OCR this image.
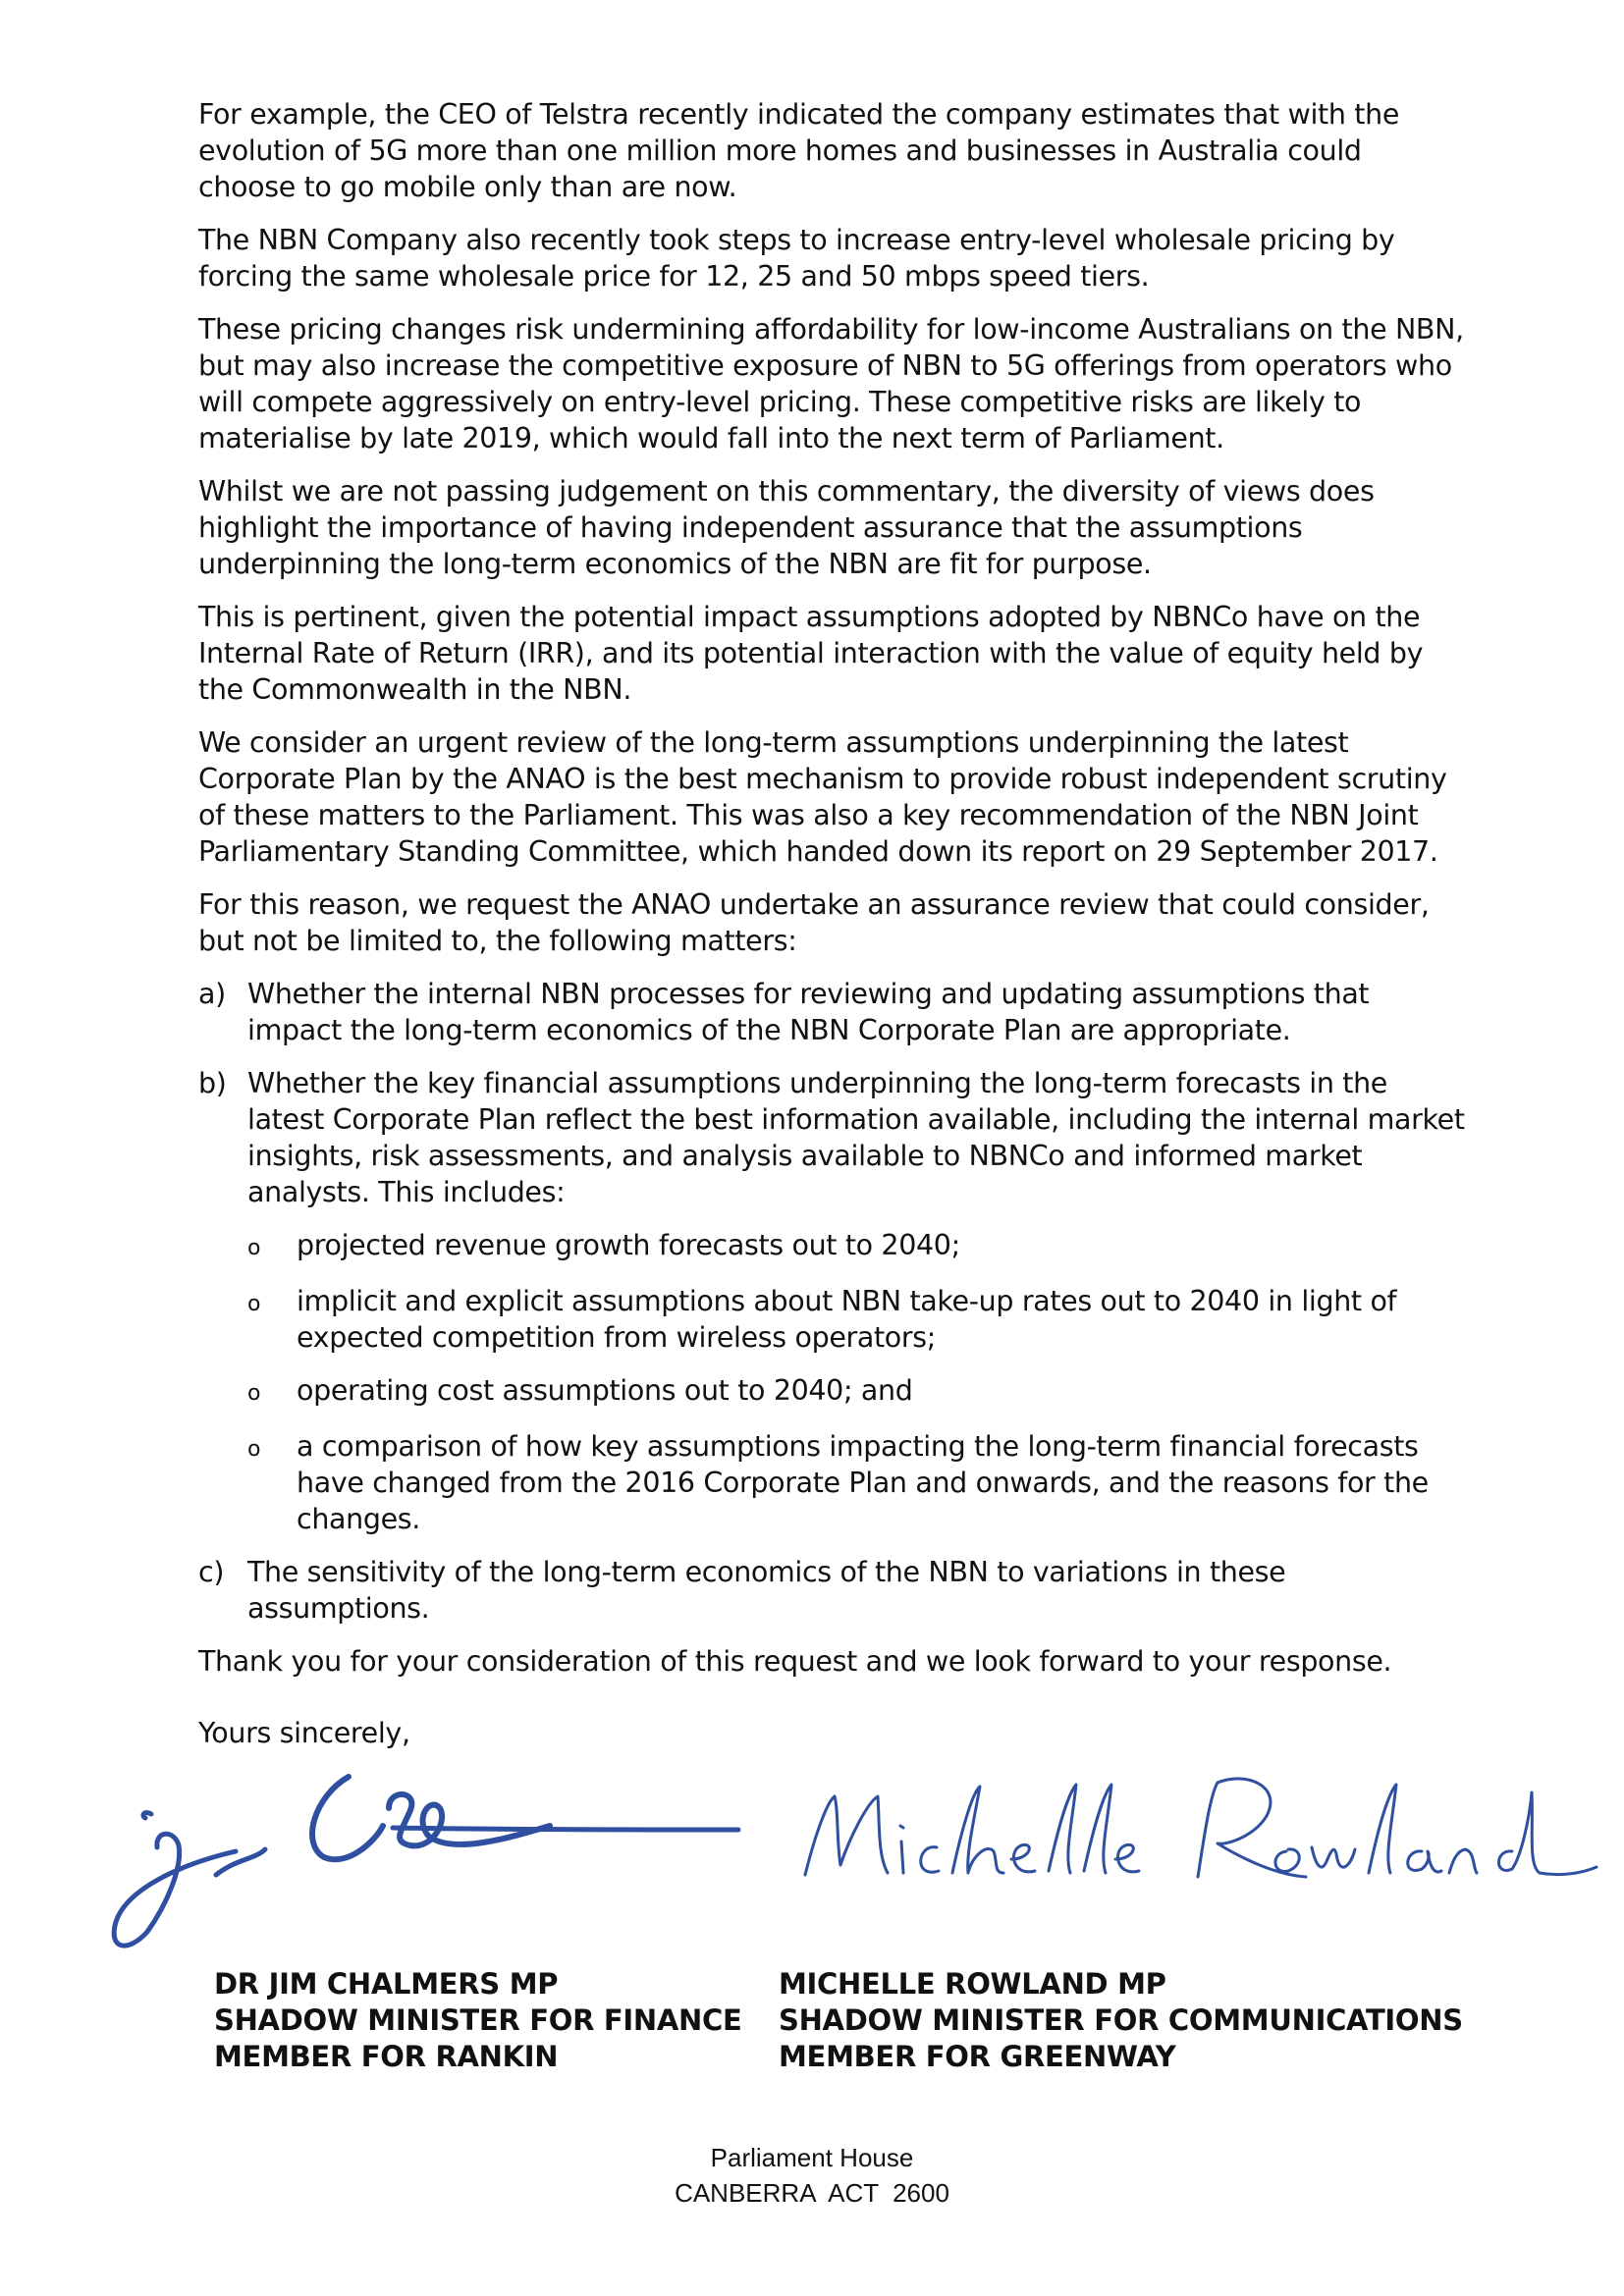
For example, the CEO of Telstra recently indicated the company estimates that with the evolution of 5G more than one million more homes and businesses in Australia could choose to go mobile only than are now.

The NBN Company also recently took steps to increase entry-level wholesale pricing by forcing the same wholesale price for 12, 25 and 50 mbps speed tiers.

These pricing changes risk undermining affordability for low-income Australians on the NBN, but may also increase the competitive exposure of NBN to 5G offerings from operators who will compete aggressively on entry-level pricing. These competitive risks are likely to materialise by late 2019, which would fall into the next term of Parliament.

Whilst we are not passing judgement on this commentary, the diversity of views does highlight the importance of having independent assurance that the assumptions underpinning the long-term economics of the NBN are fit for purpose.

This is pertinent, given the potential impact assumptions adopted by NBNCo have on the Internal Rate of Return (IRR), and its potential interaction with the value of equity held by the Commonwealth in the NBN.

We consider an urgent review of the long-term assumptions underpinning the latest Corporate Plan by the ANAO is the best mechanism to provide robust independent scrutiny of these matters to the Parliament. This was also a key recommendation of the NBN Joint Parliamentary Standing Committee, which handed down its report on 29 September 2017.

For this reason, we request the ANAO undertake an assurance review that could consider, but not be limited to, the following matters:

a) Whether the internal NBN processes for reviewing and updating assumptions that impact the long-term economics of the NBN Corporate Plan are appropriate.
b) Whether the key financial assumptions underpinning the long-term forecasts in the latest Corporate Plan reflect the best information available, including the internal market insights, risk assessments, and analysis available to NBNCo and informed market analysts. This includes:
o	projected revenue growth forecasts out to 2040;
o	implicit and explicit assumptions about NBN take-up rates out to 2040 in light of expected competition from wireless operators;
o	operating cost assumptions out to 2040; and
o	a comparison of how key assumptions impacting the long-term financial forecasts have changed from the 2016 Corporate Plan and onwards, and the reasons for the changes.
c) The sensitivity of the long-term economics of the NBN to variations in these assumptions.

Thank you for your consideration of this request and we look forward to your response.

Yours sincerely,

DR JIM CHALMERS MP
SHADOW MINISTER FOR FINANCE
MEMBER FOR RANKIN
MICHELLE ROWLAND MP
SHADOW MINISTER FOR COMMUNICATIONS
MEMBER FOR GREENWAY
Parliament House
CANBERRA  ACT  2600
